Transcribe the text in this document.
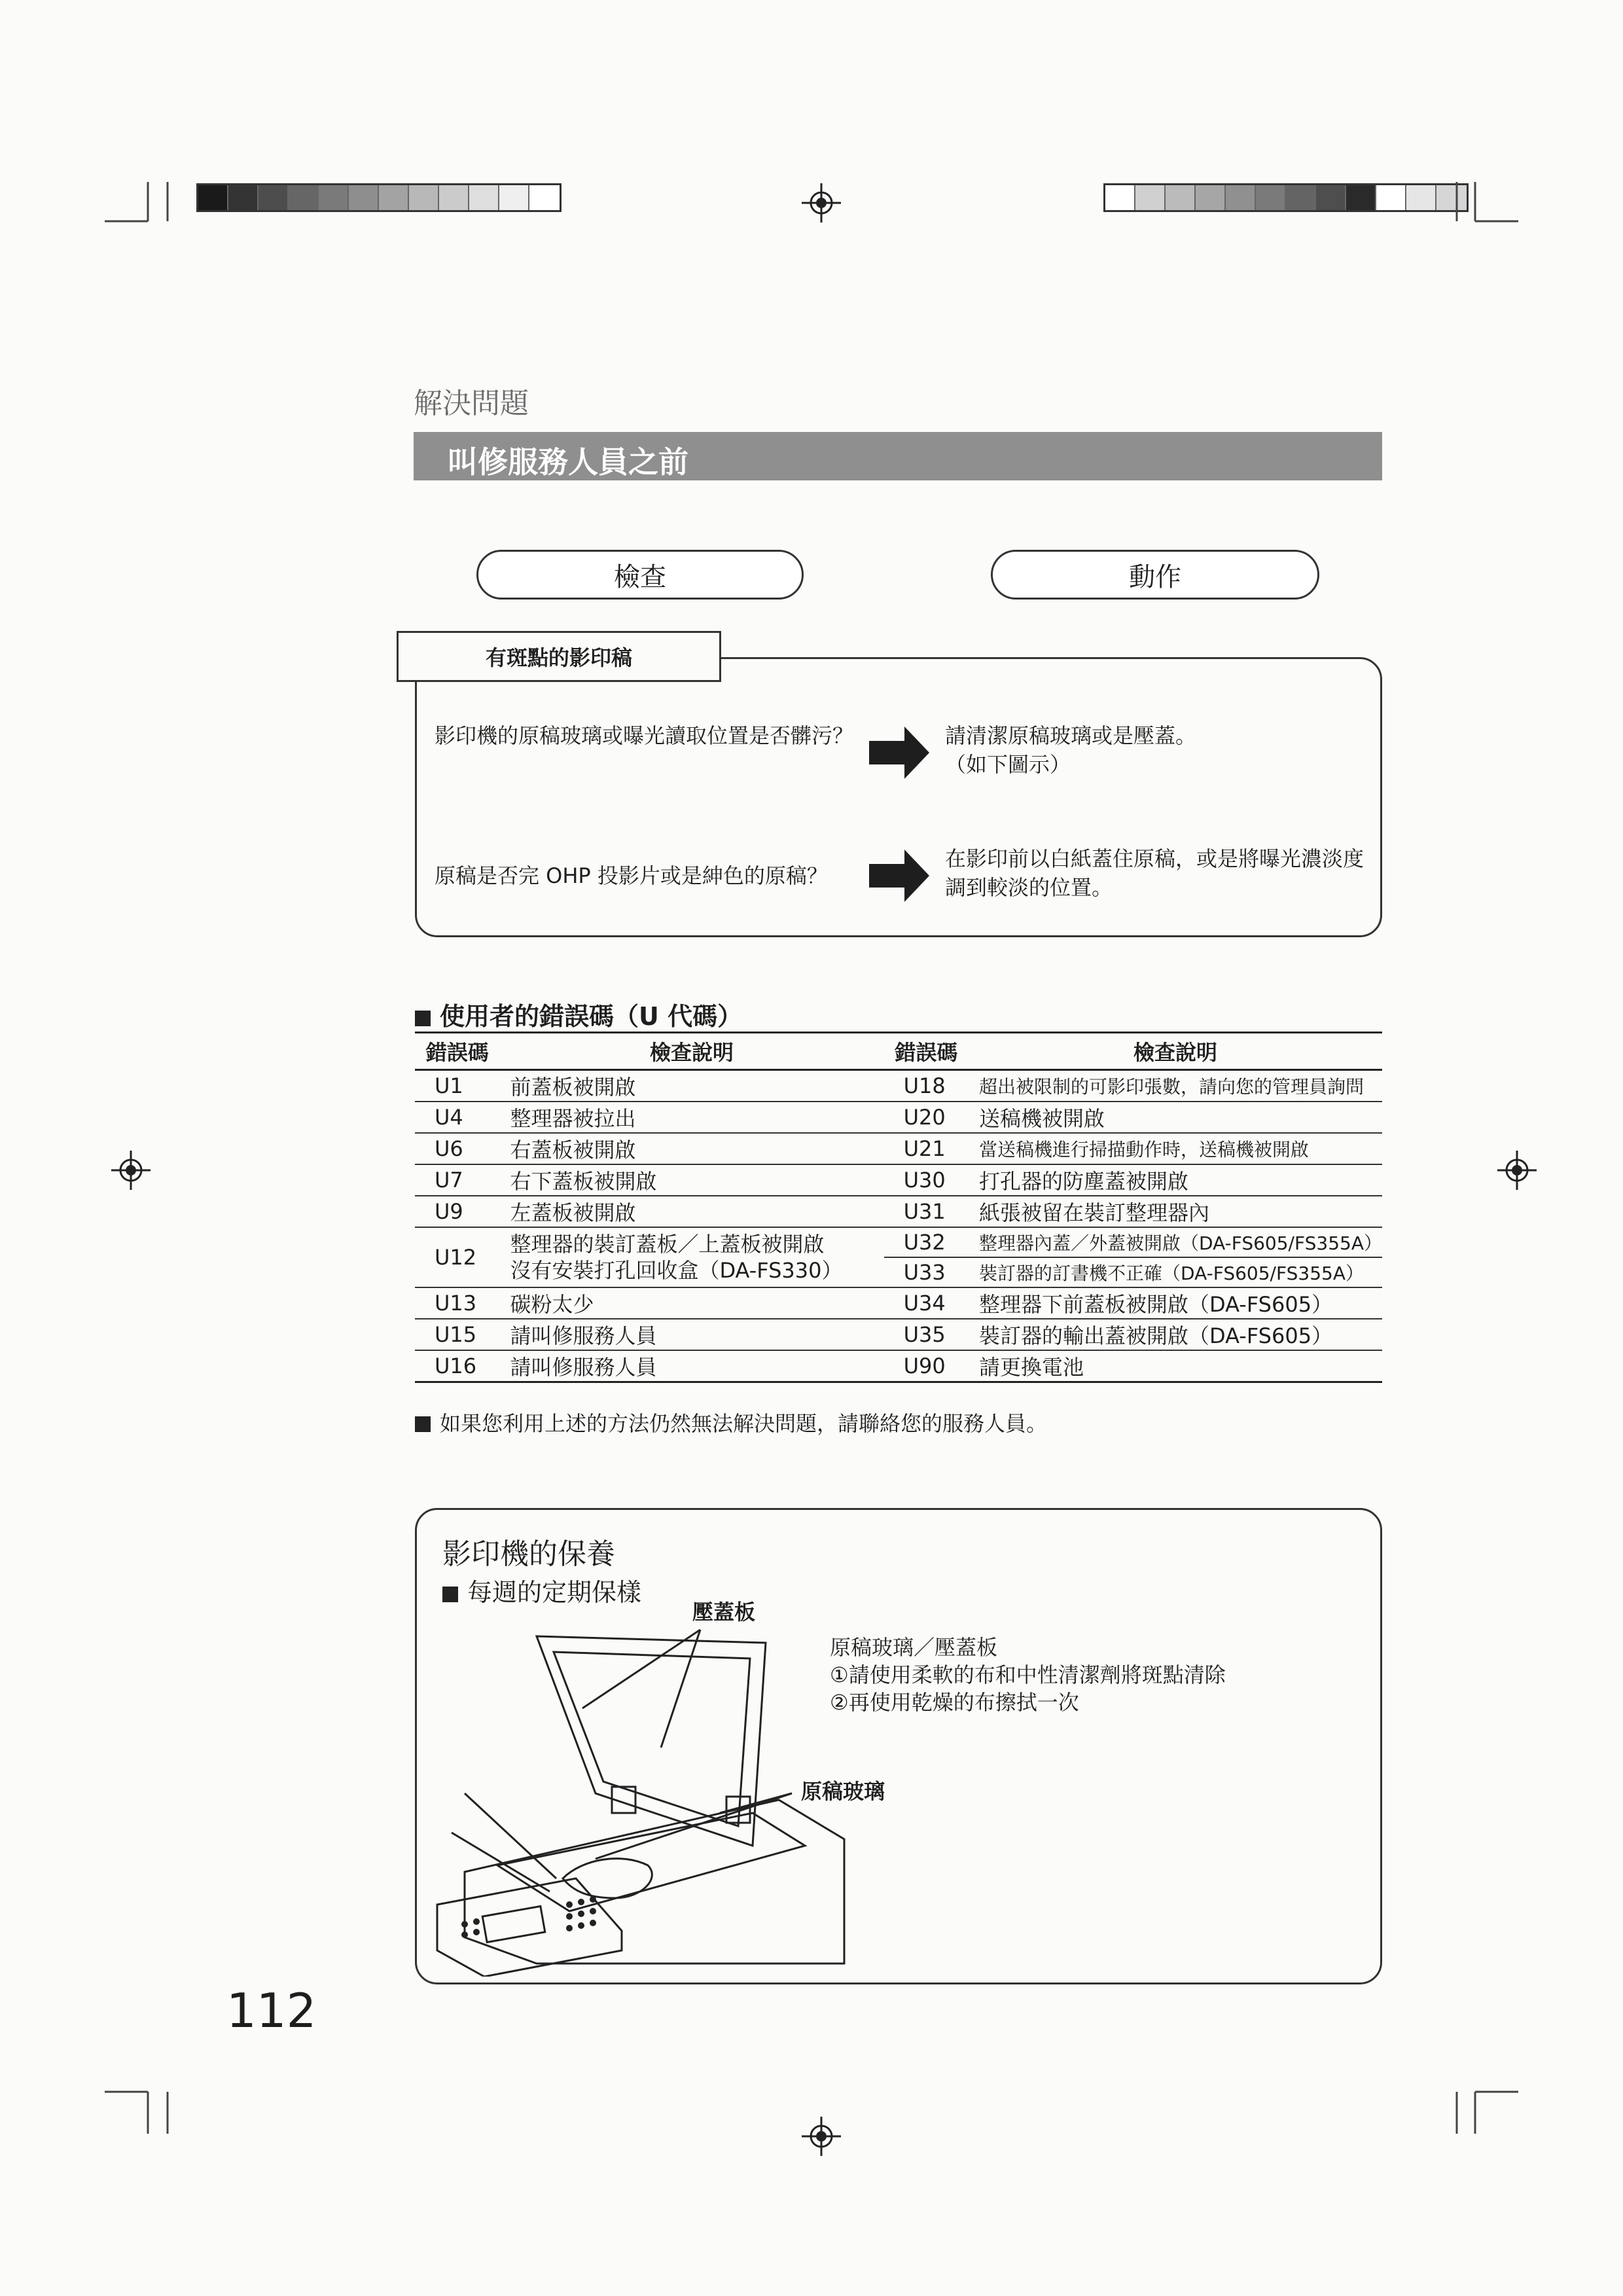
解決問題
叫修服務人員之前
檢查	動作
有斑點的影印稿
影印機的原稿玻璃或曝光讀取位置是否髒污？	請清潔原稿玻璃或是壓蓋。（如下圖示）
原稿是否完 OHP 投影片或是紳色的原稿？
在影印前以白紙蓋住原稿，或是將曝光濃淡度調到較淡的位置。
使用者的錯誤碼（U 代碼）
錯誤碼	檢查說明	錯誤碼	檢查說明
U1	前蓋板被開啟	U18	超出被限制的可影印張數，請向您的管理員詢問
U4	整理器被拉出	U20	送稿機被開啟
U6	右蓋板被開啟	U21	當送稿機進行掃描動作時，送稿機被開啟
U7	右下蓋板被開啟	U30	打孔器的防塵蓋被開啟
U9	左蓋板被開啟	U31	紙張被留在裝訂整理器內
U12	整理器的裝訂蓋板／上蓋板被開啟
沒有安裝打孔回收盒（DA-FS330）	U32	整理器內蓋／外蓋被開啟（DA-FS605/FS355A）
		U33	裝訂器的訂書機不正確（DA-FS605/FS355A）
U13	碳粉太少	U34	整理器下前蓋板被開啟（DA-FS605）
U15	請叫修服務人員	U35	裝訂器的輸出蓋被開啟（DA-FS605）
U16	請叫修服務人員	U90	請更換電池
如果您利用上述的方法仍然無法解決問題，請聯絡您的服務人員。
影印機的保養
每週的定期保樣
壓蓋板
原稿玻璃
原稿玻璃／壓蓋板
①請使用柔軟的布和中性清潔劑將斑點清除
②再使用乾燥的布擦拭一次
112
